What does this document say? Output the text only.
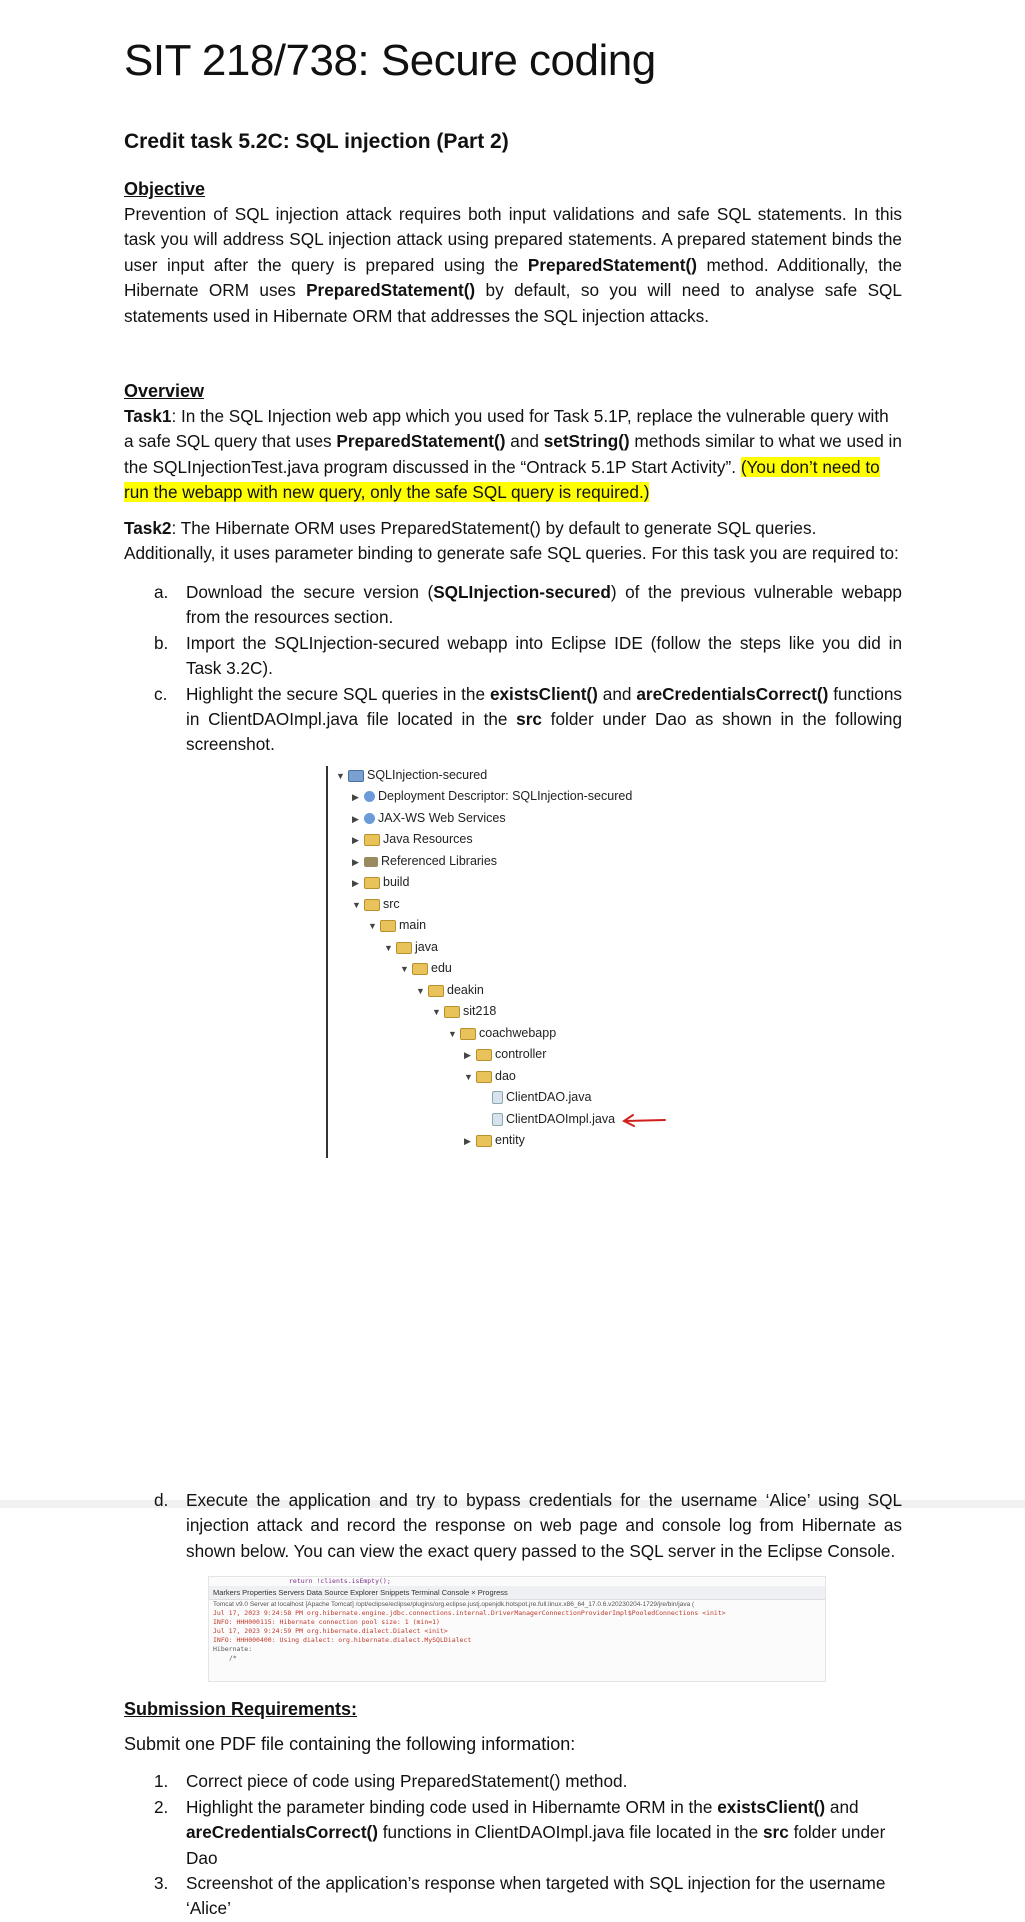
SIT 218/738: Secure coding
Credit task 5.2C: SQL injection (Part 2)
Objective

Prevention of SQL injection attack requires both input validations and safe SQL statements. In this task you will address SQL injection attack using prepared statements. A prepared statement binds the user input after the query is prepared using the PreparedStatement() method. Additionally, the Hibernate ORM uses PreparedStatement() by default, so you will need to analyse safe SQL statements used in Hibernate ORM that addresses the SQL injection attacks.

Overview

Task1: In the SQL Injection web app which you used for Task 5.1P, replace the vulnerable query with a safe SQL query that uses PreparedStatement() and setString() methods similar to what we used in the SQLInjectionTest.java program discussed in the “Ontrack 5.1P Start Activity”. (You don’t need to run the webapp with new query, only the safe SQL query is required.)

Task2: The Hibernate ORM uses PreparedStatement() by default to generate SQL queries. Additionally, it uses parameter binding to generate safe SQL queries. For this task you are required to:

a. Download the secure version (SQLInjection-secured) of the previous vulnerable webapp from the resources section.
b. Import the SQLInjection-secured webapp into Eclipse IDE (follow the steps like you did in Task 3.2C).
c. Highlight the secure SQL queries in the existsClient() and areCredentialsCorrect() functions in ClientDAOImpl.java file located in the src folder under Dao as shown in the following screenshot.
▼ SQLInjection-secured
▶ Deployment Descriptor: SQLInjection-secured
▶ JAX-WS Web Services
▶ Java Resources
▶ Referenced Libraries
▶ build
▼ src
▼ main
▼ java
▼ edu
▼ deakin
▼ sit218
▼ coachwebapp
▶ controller
▼ dao
ClientDAO.java
ClientDAOImpl.java
▶ entity
d. Execute the application and try to bypass credentials for the username ‘Alice’ using SQL injection attack and record the response on web page and console log from Hibernate as shown below. You can view the exact query passed to the SQL server in the Eclipse Console.
return !clients.isEmpty();
Markers Properties Servers Data Source Explorer Snippets Terminal Console × Progress
Tomcat v9.0 Server at localhost [Apache Tomcat] /opt/eclipse/eclipse/plugins/org.eclipse.justj.openjdk.hotspot.jre.full.linux.x86_64_17.0.6.v20230204-1729/jre/bin/java (
Jul 17, 2023 9:24:58 PM org.hibernate.engine.jdbc.connections.internal.DriverManagerConnectionProviderImpl$PooledConnections <init>
INFO: HHH000115: Hibernate connection pool size: 1 (min=1)
Jul 17, 2023 9:24:59 PM org.hibernate.dialect.Dialect <init>
INFO: HHH000400: Using dialect: org.hibernate.dialect.MySQLDialect
Hibernate:
/*
Submission Requirements:

Submit one PDF file containing the following information:

1. Correct piece of code using PreparedStatement() method.
2. Highlight the parameter binding code used in Hibernamte ORM in the existsClient() and areCredentialsCorrect() functions in ClientDAOImpl.java file located in the src folder under Dao
3. Screenshot of the application’s response when targeted with SQL injection for the username ‘Alice’
